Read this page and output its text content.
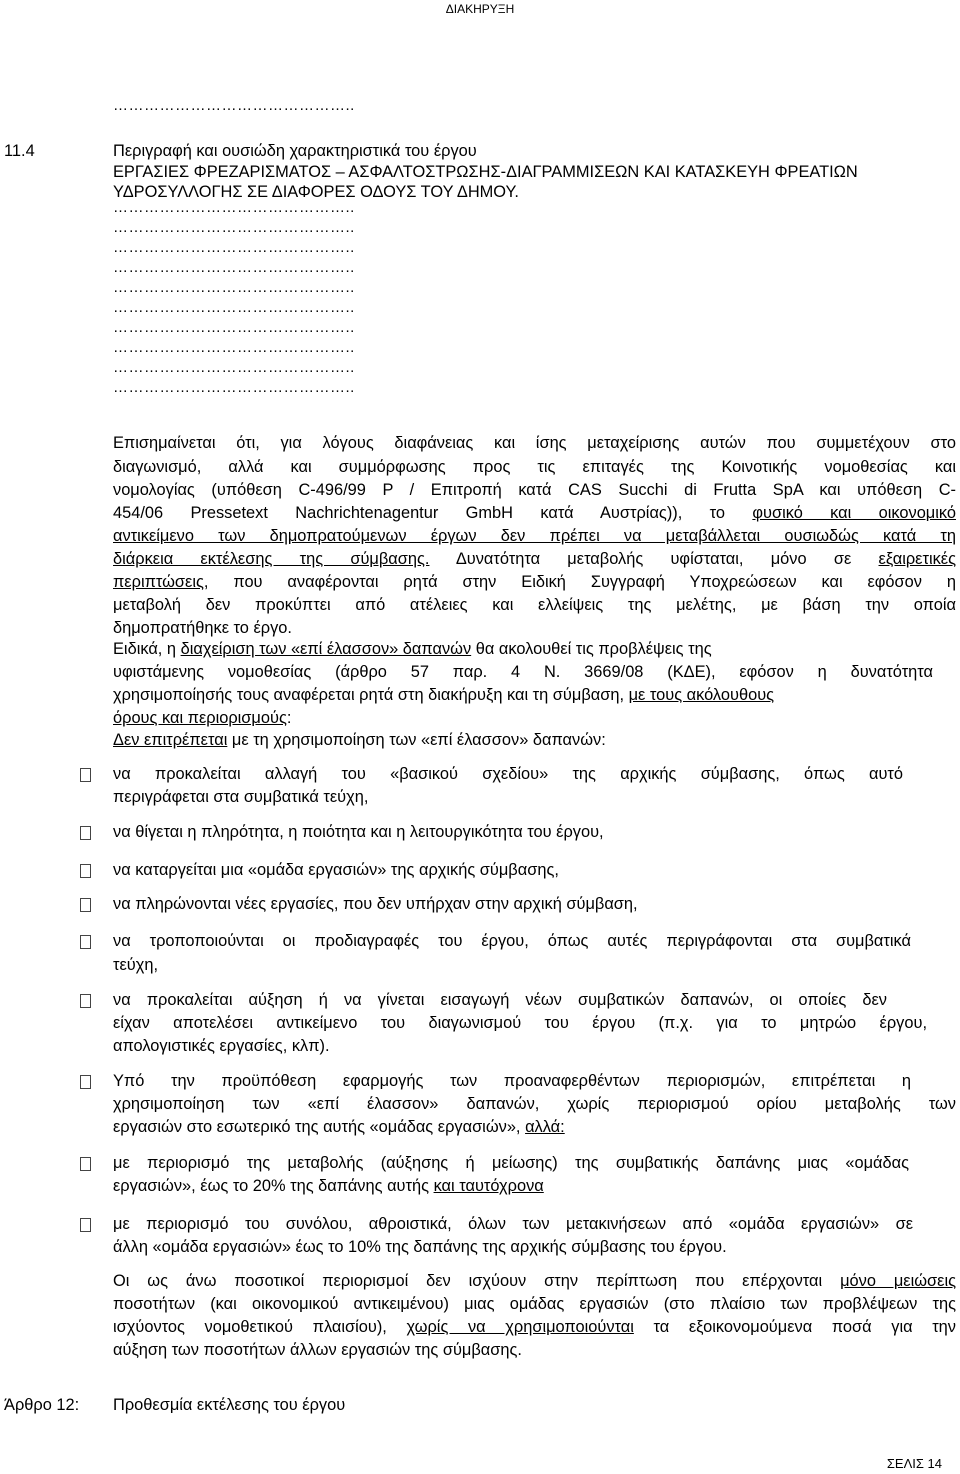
ΔΙΑΚΗΡΥΞΗ
………………………………………..
………………………………………..
………………………………………..
………………………………………..
………………………………………..
………………………………………..
………………………………………..
………………………………………..
………………………………………..
………………………………………..
………………………………………..
11.4	Περιγραφή και ουσιώδη χαρακτηριστικά του έργου
ΕΡΓΑΣΙΕΣ ΦΡΕΖΑΡΙΣΜΑΤΟΣ – ΑΣΦΑΛΤΟΣΤΡΩΣΗΣ-ΔΙΑΓΡΑΜΜΙΣΕΩΝ ΚΑΙ ΚΑΤΑΣΚΕΥΗ ΦΡΕΑΤΙΩΝ
ΥΔΡΟΣΥΛΛΟΓΗΣ ΣΕ ΔΙΑΦΟΡΕΣ ΟΔΟΥΣ ΤΟΥ ΔΗΜΟΥ.
Επισημαίνεται ότι, για λόγους διαφάνειας και ίσης μεταχείρισης αυτών που συμμετέχουν στο
διαγωνισμό, αλλά και συμμόρφωσης προς τις επιταγές της Κοινοτικής νομοθεσίας και
νομολογίας (υπόθεση C-496/99 P / Επιτροπή κατά CAS Succhi di Frutta SpA και υπόθεση C-
454/06 Pressetext Nachrichtenagentur GmbH κατά Αυστρίας)), το φυσικό και οικονομικό
αντικείμενο των δημοπρατούμενων έργων δεν πρέπει να μεταβάλλεται ουσιωδώς κατά τη
διάρκεια εκτέλεσης της σύμβασης. Δυνατότητα μεταβολής υφίσταται, μόνο σε εξαιρετικές
περιπτώσεις, που αναφέρονται ρητά στην Ειδική Συγγραφή Υποχρεώσεων και εφόσον η
μεταβολή δεν προκύπτει από ατέλειες και ελλείψεις της μελέτης, με βάση την οποία
δημοπρατήθηκε το έργο.
Ειδικά, η διαχείριση των «επί έλασσον» δαπανών θα ακολουθεί τις προβλέψεις της
υφιστάμενης νομοθεσίας (άρθρο 57 παρ. 4 Ν. 3669/08 (ΚΔΕ), εφόσον η δυνατότητα
χρησιμοποίησής τους αναφέρεται ρητά στη διακήρυξη και τη σύμβαση, με τους ακόλουθους
όρους και περιορισμούς:
Δεν επιτρέπεται με τη χρησιμοποίηση των «επί έλασσον» δαπανών:
να προκαλείται αλλαγή του «βασικού σχεδίου» της αρχικής σύμβασης, όπως αυτό
περιγράφεται στα συμβατικά τεύχη,
να θίγεται η πληρότητα, η ποιότητα και η λειτουργικότητα του έργου,
να καταργείται μια «ομάδα εργασιών» της αρχικής σύμβασης,
να πληρώνονται νέες εργασίες, που δεν υπήρχαν στην αρχική σύμβαση,
να τροποποιούνται οι προδιαγραφές του έργου, όπως αυτές περιγράφονται στα συμβατικά
τεύχη,
να προκαλείται αύξηση ή να γίνεται εισαγωγή νέων συμβατικών δαπανών, οι οποίες δεν
είχαν αποτελέσει αντικείμενο του διαγωνισμού του έργου (π.χ. για το μητρώο έργου,
απολογιστικές εργασίες, κλπ).
Υπό την προϋπόθεση εφαρμογής των προαναφερθέντων περιορισμών, επιτρέπεται η
χρησιμοποίηση των «επί έλασσον» δαπανών, χωρίς περιορισμού ορίου μεταβολής των
εργασιών στο εσωτερικό της αυτής «ομάδας εργασιών», αλλά:
με περιορισμό της μεταβολής (αύξησης ή μείωσης) της συμβατικής δαπάνης μιας «ομάδας
εργασιών», έως το 20% της δαπάνης αυτής και ταυτόχρονα
με περιορισμό του συνόλου, αθροιστικά, όλων των μετακινήσεων από «ομάδα εργασιών» σε
άλλη «ομάδα εργασιών» έως το 10% της δαπάνης της αρχικής σύμβασης του έργου.
Οι ως άνω ποσοτικοί περιορισμοί δεν ισχύουν στην περίπτωση που επέρχονται μόνο μειώσεις
ποσοτήτων (και οικονομικού αντικειμένου) μιας ομάδας εργασιών (στο πλαίσιο των προβλέψεων της
ισχύοντος νομοθετικού πλαισίου), χωρίς να χρησιμοποιούνται τα εξοικονομούμενα ποσά για την
αύξηση των ποσοτήτων άλλων εργασιών της σύμβασης.
Άρθρο 12: Προθεσμία εκτέλεσης του έργου
ΣΕΛΙΣ 14
